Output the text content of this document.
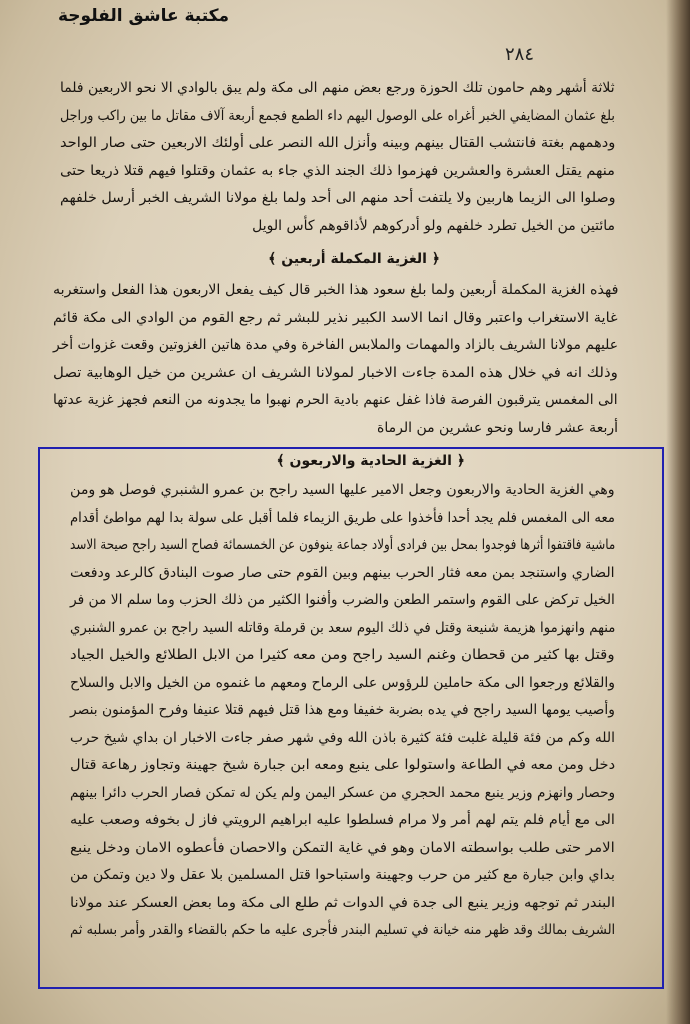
مكتبة عاشق الفلوجة
٢٨٤
ثلاثة أشهر وهم حامون تلك الحوزة ورجع بعض منهم الى مكة ولم يبق بالوادي الا نحو الاربعين فلما
بلغ عثمان المضايفي الخبر أغراه على الوصول اليهم داء الطمع فجمع أربعة آلاف مقاتل ما بين راكب وراجل
ودهمهم بغتة فانتشب القتال بينهم وبينه وأنزل الله النصر على أولئك الاربعين حتى صار الواحد
منهم يقتل العشرة والعشرين فهزموا ذلك الجند الذي جاء به عثمان وقتلوا فيهم قتلا ذريعا حتى
وصلوا الى الزيما هاربين ولا يلتفت أحد منهم الى أحد ولما بلغ مولانا الشريف الخبر أرسل خلفهم
مائتين من الخيل تطرد خلفهم ولو أدركوهم لأذاقوهم كأس الويل
﴿ الغزية المكملة أربعين ﴾
فهذه الغزية المكملة أربعين ولما بلغ سعود هذا الخبر قال كيف يفعل الاربعون هذا الفعل واستغربه
غاية الاستغراب واعتبر وقال انما الاسد الكبير نذير للبشر ثم رجع القوم من الوادي الى مكة قائم
عليهم مولانا الشريف بالزاد والمهمات والملابس الفاخرة وفي مدة هاتين الغزوتين وقعت غزوات أخر
وذلك انه في خلال هذه المدة جاءت الاخبار لمولانا الشريف ان عشرين من خيل الوهابية تصل
الى المغمس يترقبون الفرصة فاذا غفل عنهم بادية الحرم نهبوا ما يجدونه من النعم فجهز غزية عدتها
أربعة عشر فارسا ونحو عشرين من الرماة
﴿ الغزية الحادية والاربعون ﴾
وهي الغزية الحادية والاربعون وجعل الامير عليها السيد راجح بن عمرو الشنبري فوصل هو ومن
معه الى المغمس فلم يجد أحدا فأخذوا على طريق الزيماء فلما أقبل على سولة بدا لهم مواطئ أقدام
ماشية فاقتفوا أثرها فوجدوا بمحل بين فرادى أولاد جماعة ينوفون عن الخمسمائة فصاح السيد راجح صيحة الاسد
الضاري واستنجد بمن معه فثار الحرب بينهم وبين القوم حتى صار صوت البنادق كالرعد ودفعت
الخيل تركض على القوم واستمر الطعن والضرب وأفنوا الكثير من ذلك الحزب وما سلم الا من فر
منهم وانهزموا هزيمة شنيعة وقتل في ذلك اليوم سعد بن قرملة وقاتله السيد راجح بن عمرو الشنبري
وقتل بها كثير من قحطان وغنم السيد راجح ومن معه كثيرا من الابل الطلائع والخيل الجياد
والقلائع ورجعوا الى مكة حاملين للرؤوس على الرماح ومعهم ما غنموه من الخيل والابل والسلاح
وأصيب يومها السيد راجح في يده بضربة خفيفا ومع هذا قتل فيهم قتلا عنيفا وفرح المؤمنون بنصر
الله وكم من فئة قليلة غلبت فئة كثيرة باذن الله وفي شهر صفر جاءت الاخبار ان بداي شيخ حرب
دخل ومن معه في الطاعة واستولوا على ينبع ومعه ابن جبارة شيخ جهينة وتجاوز رهاعة قتال
وحصار وانهزم وزير ينبع محمد الحجري من عسكر اليمن ولم يكن له تمكن فصار الحرب دائرا بينهم
الى مع أيام فلم يتم لهم أمر ولا مرام فسلطوا عليه ابراهيم الرويتي فاز ل بخوفه وصعب عليه
الامر حتى طلب بواسطته الامان وهو في غاية التمكن والاحصان فأعطوه الامان ودخل ينبع
بداي وابن جبارة مع كثير من حرب وجهينة واستباحوا قتل المسلمين بلا عقل ولا دين وتمكن من
البندر ثم توجهه وزير ينبع الى جدة في الدوات ثم طلع الى مكة وما بعض العسكر عند مولانا
الشريف بمالك وقد ظهر منه خيانة في تسليم البندر فأجرى عليه ما حكم بالقضاء والقدر وأمر بسلبه ثم
